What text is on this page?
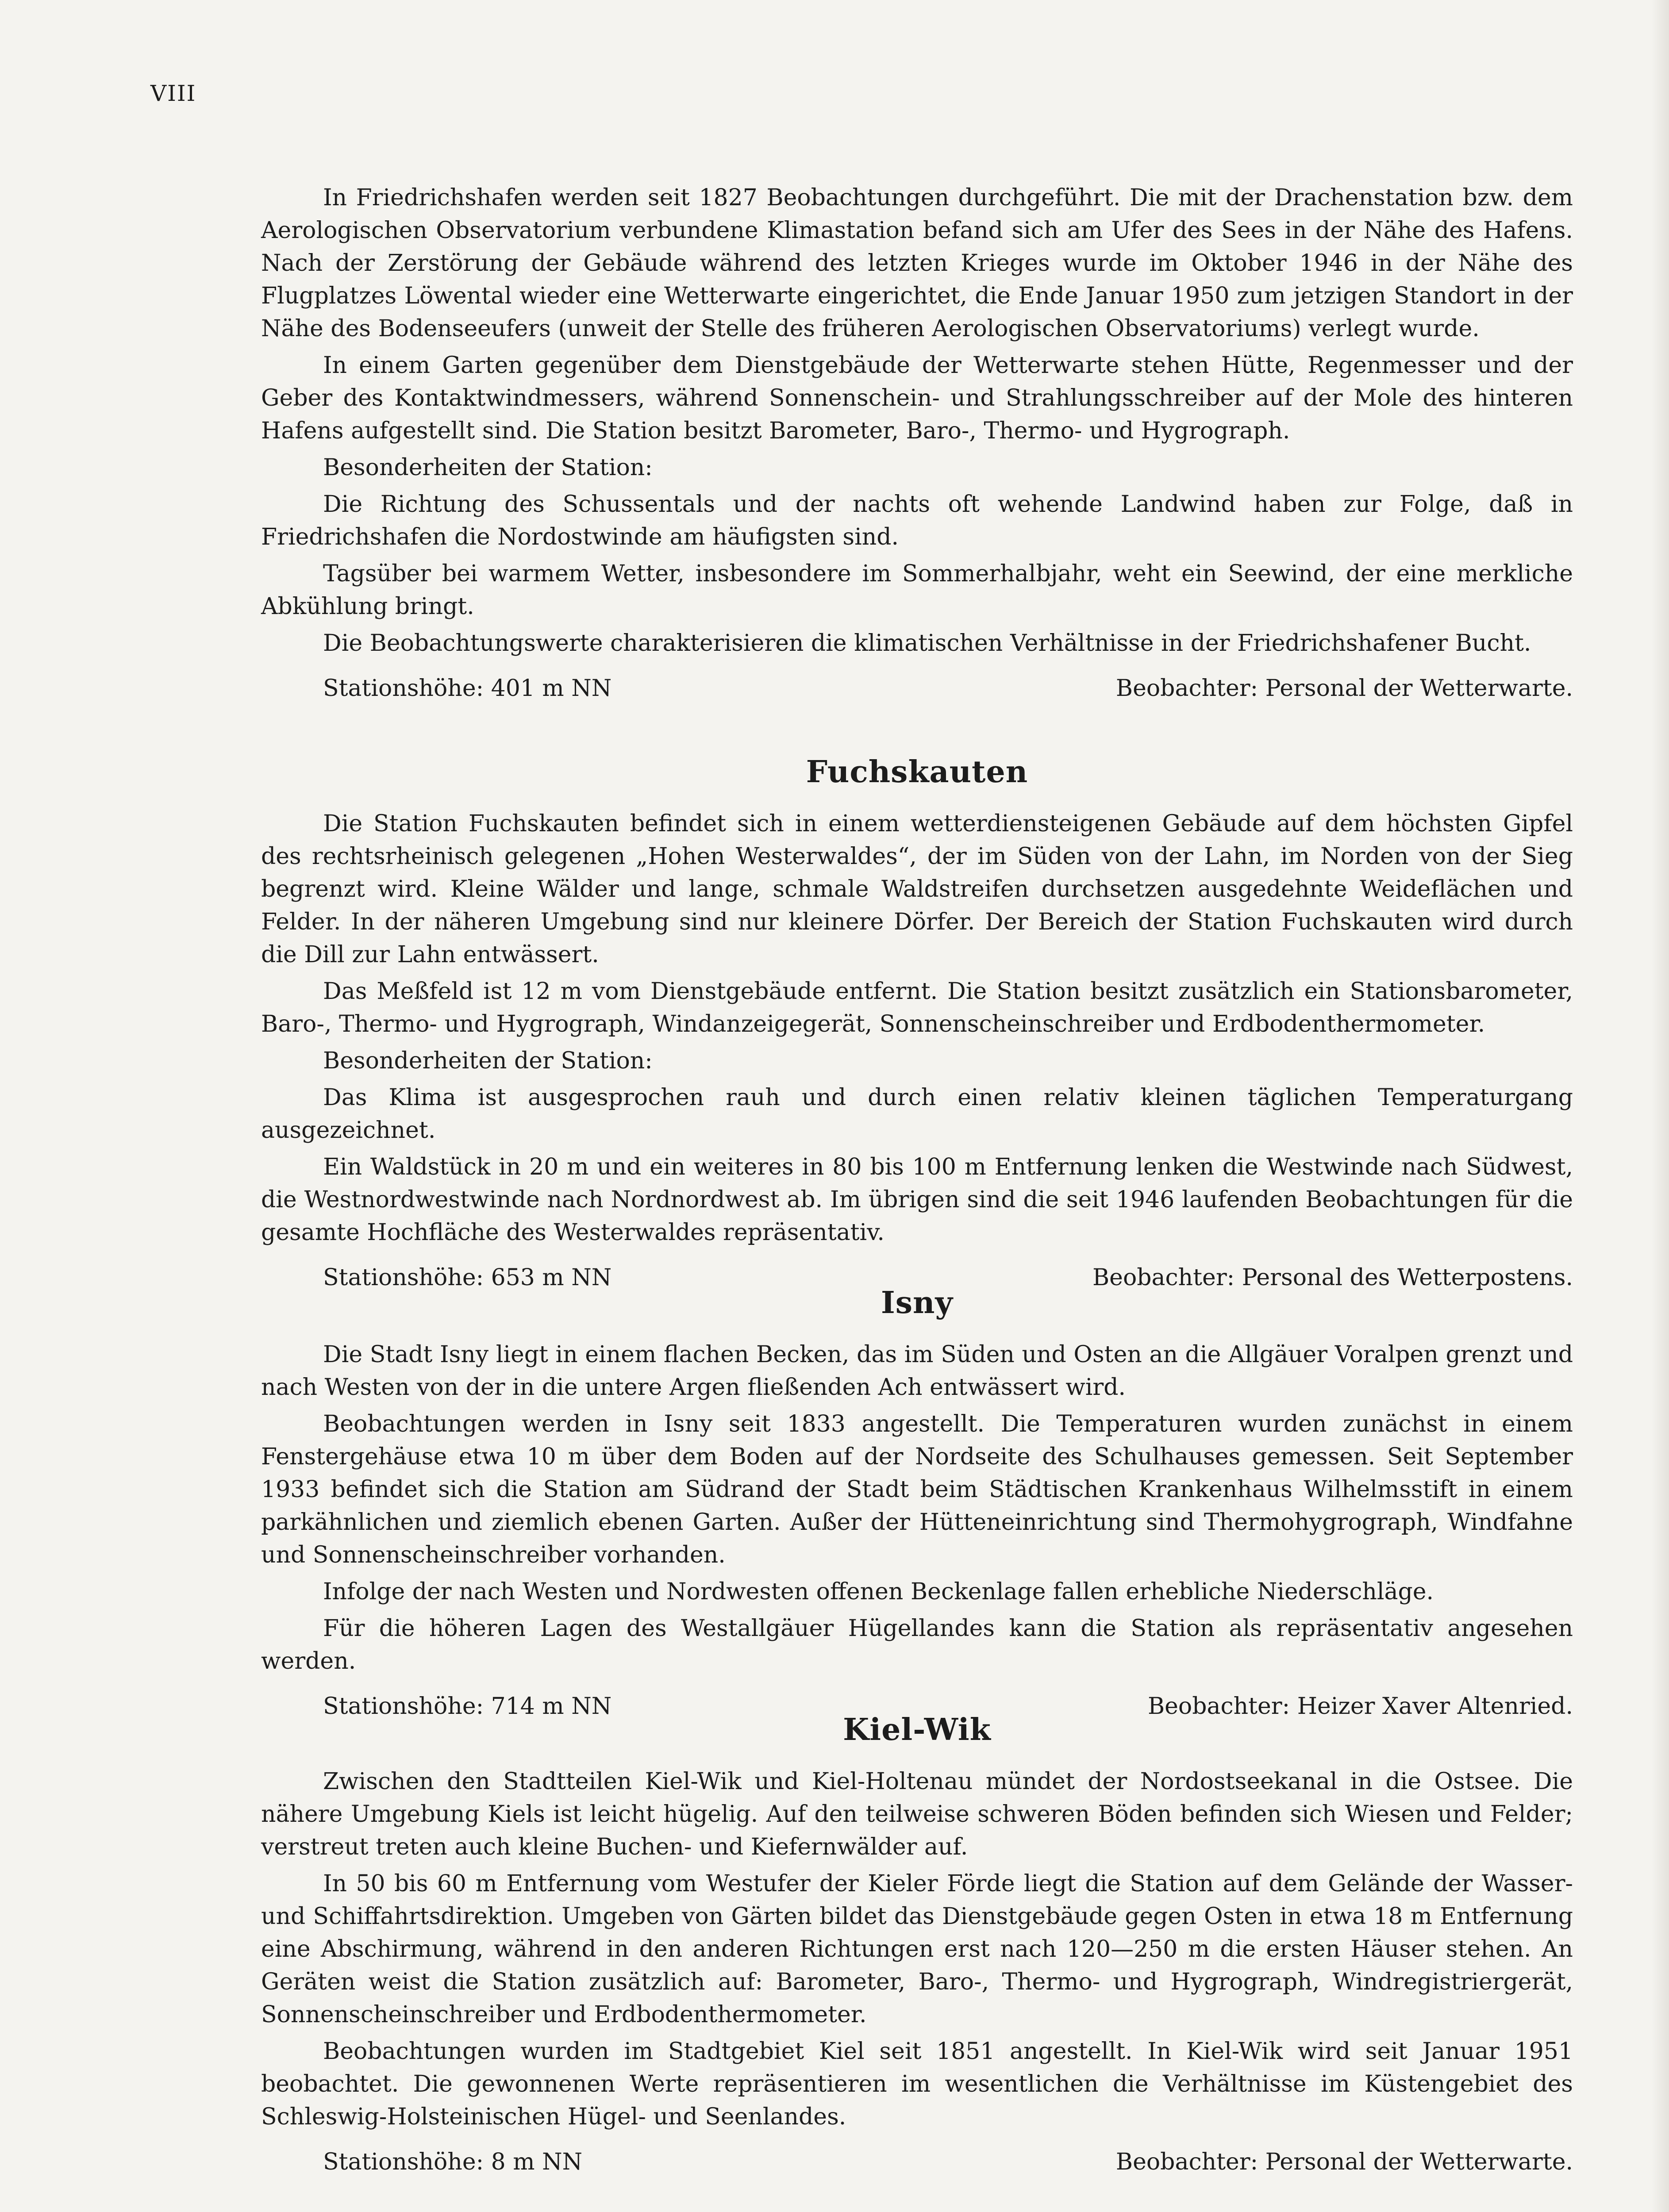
VIII

In Friedrichshafen werden seit 1827 Beobachtungen durchgeführt. Die mit der Drachenstation bzw. dem Aerologischen Observatorium verbundene Klimastation befand sich am Ufer des Sees in der Nähe des Hafens. Nach der Zerstörung der Gebäude während des letzten Krieges wurde im Oktober 1946 in der Nähe des Flugplatzes Löwental wieder eine Wetterwarte eingerichtet, die Ende Januar 1950 zum jetzigen Standort in der Nähe des Bodenseeufers (unweit der Stelle des früheren Aerologischen Observatoriums) verlegt wurde.

In einem Garten gegenüber dem Dienstgebäude der Wetterwarte stehen Hütte, Regenmesser und der Geber des Kontaktwindmessers, während Sonnenschein- und Strahlungsschreiber auf der Mole des hinteren Hafens aufgestellt sind. Die Station besitzt Barometer, Baro-, Thermo- und Hygrograph.

Besonderheiten der Station:

Die Richtung des Schussentals und der nachts oft wehende Landwind haben zur Folge, daß in Friedrichshafen die Nordostwinde am häufigsten sind.

Tagsüber bei warmem Wetter, insbesondere im Sommerhalbjahr, weht ein Seewind, der eine merkliche Abkühlung bringt.

Die Beobachtungswerte charakterisieren die klimatischen Verhältnisse in der Friedrichshafener Bucht.

Stationshöhe: 401 m NN	Beobachter: Personal der Wetterwarte.
Fuchskauten

Die Station Fuchskauten befindet sich in einem wetterdiensteigenen Gebäude auf dem höchsten Gipfel des rechtsrheinisch gelegenen „Hohen Westerwaldes“, der im Süden von der Lahn, im Norden von der Sieg begrenzt wird. Kleine Wälder und lange, schmale Waldstreifen durchsetzen ausgedehnte Weideflächen und Felder. In der näheren Umgebung sind nur kleinere Dörfer. Der Bereich der Station Fuchskauten wird durch die Dill zur Lahn entwässert.

Das Meßfeld ist 12 m vom Dienstgebäude entfernt. Die Station besitzt zusätzlich ein Stationsbarometer, Baro-, Thermo- und Hygrograph, Windanzeigegerät, Sonnenscheinschreiber und Erdbodenthermometer.

Besonderheiten der Station:

Das Klima ist ausgesprochen rauh und durch einen relativ kleinen täglichen Temperaturgang ausgezeichnet.

Ein Waldstück in 20 m und ein weiteres in 80 bis 100 m Entfernung lenken die Westwinde nach Südwest, die Westnordwestwinde nach Nordnordwest ab. Im übrigen sind die seit 1946 laufenden Beobachtungen für die gesamte Hochfläche des Westerwaldes repräsentativ.

Stationshöhe: 653 m NN	Beobachter: Personal des Wetterpostens.
Isny

Die Stadt Isny liegt in einem flachen Becken, das im Süden und Osten an die Allgäuer Voralpen grenzt und nach Westen von der in die untere Argen fließenden Ach entwässert wird.

Beobachtungen werden in Isny seit 1833 angestellt. Die Temperaturen wurden zunächst in einem Fenstergehäuse etwa 10 m über dem Boden auf der Nordseite des Schulhauses gemessen. Seit September 1933 befindet sich die Station am Südrand der Stadt beim Städtischen Krankenhaus Wilhelmsstift in einem parkähnlichen und ziemlich ebenen Garten. Außer der Hütteneinrichtung sind Thermohygrograph, Windfahne und Sonnenscheinschreiber vorhanden.

Infolge der nach Westen und Nordwesten offenen Beckenlage fallen erhebliche Niederschläge.

Für die höheren Lagen des Westallgäuer Hügellandes kann die Station als repräsentativ angesehen werden.

Stationshöhe: 714 m NN	Beobachter: Heizer Xaver Altenried.
Kiel-Wik

Zwischen den Stadtteilen Kiel-Wik und Kiel-Holtenau mündet der Nordostseekanal in die Ostsee. Die nähere Umgebung Kiels ist leicht hügelig. Auf den teilweise schweren Böden befinden sich Wiesen und Felder; verstreut treten auch kleine Buchen- und Kiefernwälder auf.

In 50 bis 60 m Entfernung vom Westufer der Kieler Förde liegt die Station auf dem Gelände der Wasser- und Schiffahrtsdirektion. Umgeben von Gärten bildet das Dienstgebäude gegen Osten in etwa 18 m Entfernung eine Abschirmung, während in den anderen Richtungen erst nach 120—250 m die ersten Häuser stehen. An Geräten weist die Station zusätzlich auf: Barometer, Baro-, Thermo- und Hygrograph, Windregistriergerät, Sonnenscheinschreiber und Erdbodenthermometer.

Beobachtungen wurden im Stadtgebiet Kiel seit 1851 angestellt. In Kiel-Wik wird seit Januar 1951 beobachtet. Die gewonnenen Werte repräsentieren im wesentlichen die Verhältnisse im Küstengebiet des Schleswig-Holsteinischen Hügel- und Seenlandes.

Stationshöhe: 8 m NN	Beobachter: Personal der Wetterwarte.
